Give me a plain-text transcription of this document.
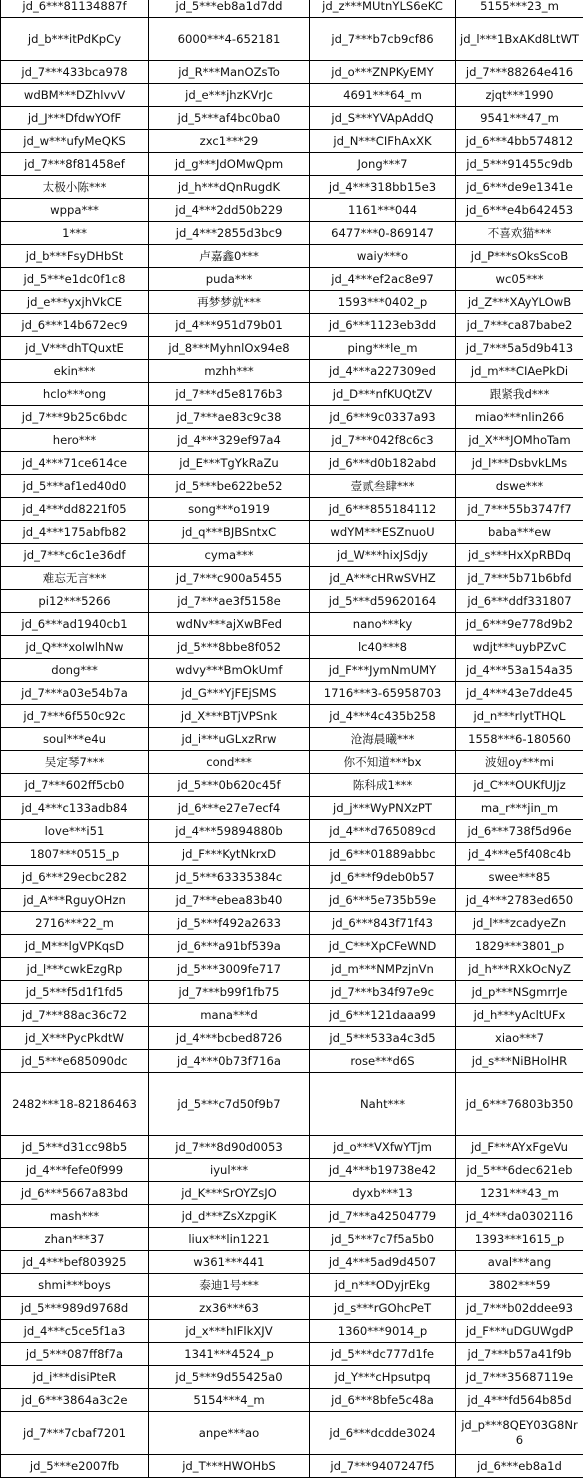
jd_6***81134887f	jd_5***eb8a1d7dd	jd_z***MUtnYLS6eKC	5155***23_m
jd_b***itPdKpCy	6000***4-652181	jd_7***b7cb9cf86	jd_l***1BxAKd8LtWT
jd_7***433bca978	jd_R***ManOZsTo	jd_o***ZNPKyEMY	jd_7***88264e416
wdBM***DZhlvvV	jd_e***jhzKVrJc	4691***64_m	zjqt***1990
jd_J***DfdwYOfF	jd_5***af4bc0ba0	jd_S***YVApAddQ	9541***47_m
jd_w***ufyMeQKS	zxc1***29	jd_N***CIFhAxXK	jd_6***4bb574812
jd_7***8f81458ef	jd_g***JdOMwQpm	Jong***7	jd_5***91455c9db
太极小陈***	jd_h***dQnRugdK	jd_4***318bb15e3	jd_6***de9e1341e
wppa***	jd_4***2dd50b229	1161***044	jd_6***e4b642453
1***	jd_4***2855d3bc9	6477***0-869147	不喜欢猫***
jd_b***FsyDHbSt	卢嘉鑫0***	waiy***o	jd_P***sOksScoB
jd_5***e1dc0f1c8	puda***	jd_4***ef2ac8e97	wc05***
jd_e***yxjhVkCE	再梦梦就***	1593***0402_p	jd_Z***XAyYLOwB
jd_6***14b672ec9	jd_4***951d79b01	jd_6***1123eb3dd	jd_7***ca87babe2
jd_V***dhTQuxtE	jd_8***MyhnlOx94e8	ping***le_m	jd_7***5a5d9b413
ekin***	mzhh***	jd_4***a227309ed	jd_m***CIAePkDi
hclo***ong	jd_7***d5e8176b3	jd_D***nfKUQtZV	跟紧我d***
jd_7***9b25c6bdc	jd_7***ae83c9c38	jd_6***9c0337a93	miao***nlin266
hero***	jd_4***329ef97a4	jd_7***042f8c6c3	jd_X***JOMhoTam
jd_4***71ce614ce	jd_E***TgYkRaZu	jd_6***d0b182abd	jd_l***DsbvkLMs
jd_5***af1ed40d0	jd_5***be622be52	壹贰叁肆***	dswe***
jd_4***dd8221f05	song***o1919	jd_6***855184112	jd_7***55b3747f7
jd_4***175abfb82	jd_q***BJBSntxC	wdYM***ESZnuoU	baba***ew
jd_7***c6c1e36df	cyma***	jd_W***hixJSdjy	jd_s***HxXpRBDq
难忘无言***	jd_7***c900a5455	jd_A***cHRwSVHZ	jd_7***5b71b6bfd
pi12***5266	jd_7***ae3f5158e	jd_5***d59620164	jd_6***ddf331807
jd_6***ad1940cb1	wdNv***ajXwBFed	nano***ky	jd_6***9e778d9b2
jd_Q***xolwlhNw	jd_5***8bbe8f052	lc40***8	wdjt***uybPZvC
dong***	wdvy***BmOkUmf	jd_F***JymNmUMY	jd_4***53a154a35
jd_7***a03e54b7a	jd_G***YjFEjSMS	1716***3-65958703	jd_4***43e7dde45
jd_7***6f550c92c	jd_X***BTjVPSnk	jd_4***4c435b258	jd_n***rlytTHQL
soul***e4u	jd_i***uGLxzRrw	沧海晨曦***	1558***6-180560
吴定琴7***	cond***	你不知道***bx	波妞oy***mi
jd_7***602ff5cb0	jd_5***0b620c45f	陈科成1***	jd_C***OUKfUJjz
jd_4***c133adb84	jd_6***e27e7ecf4	jd_j***WyPNXzPT	ma_r***jin_m
love***i51	jd_4***59894880b	jd_4***d765089cd	jd_6***738f5d96e
1807***0515_p	jd_F***KytNkrxD	jd_6***01889abbc	jd_4***e5f408c4b
jd_6***29ecbc282	jd_5***63335384c	jd_6***f9deb0b57	swee***85
jd_A***RguyOHzn	jd_7***ebea83b40	jd_6***5e735b59e	jd_4***2783ed650
2716***22_m	jd_5***f492a2633	jd_6***843f71f43	jd_l***zcadyeZn
jd_M***lgVPKqsD	jd_6***a91bf539a	jd_C***XpCFeWND	1829***3801_p
jd_l***cwkEzgRp	jd_5***3009fe717	jd_m***NMPzjnVn	jd_h***RXkOcNyZ
jd_5***f5d1f1fd5	jd_7***b99f1fb75	jd_7***b34f97e9c	jd_p***NSgmrrJe
jd_7***88ac36c72	mana***d	jd_6***121daaa99	jd_h***yAcltUFx
jd_X***PycPkdtW	jd_4***bcbed8726	jd_5***533a4c3d5	xiao***7
jd_5***e685090dc	jd_4***0b73f716a	rose***d6S	jd_s***NiBHolHR
2482***18-82186463	jd_5***c7d50f9b7	Naht***	jd_6***76803b350
jd_5***d31cc98b5	jd_7***8d90d0053	jd_o***VXfwYTjm	jd_F***AYxFgeVu
jd_4***fefe0f999	iyul***	jd_4***b19738e42	jd_5***6dec621eb
jd_6***5667a83bd	jd_K***SrOYZsJO	dyxb***13	1231***43_m
mash***	jd_d***ZsXzpgiK	jd_7***a42504779	jd_4***da0302116
zhan***37	liux***lin1221	jd_5***7c7f5a5b0	1393***1615_p
jd_4***bef803925	w361***441	jd_4***5ad9d4507	aval***ang
shmi***boys	泰迪1号***	jd_n***ODyjrEkg	3802***59
jd_5***989d9768d	zx36***63	jd_s***rGOhcPeT	jd_7***b02ddee93
jd_4***c5ce5f1a3	jd_x***hIFlkXJV	1360***9014_p	jd_F***uDGUWgdP
jd_5***087ff8f7a	1341***4524_p	jd_5***dc777d1fe	jd_7***b57a41f9b
jd_i***disiPteR	jd_5***9d55425a0	jd_Y***cHpsutpq	jd_7***35687119e
jd_6***3864a3c2e	5154***4_m	jd_6***8bfe5c48a	jd_4***fd564b85d
jd_7***7cbaf7201	anpe***ao	jd_6***dcdde3024	jd_p***8QEY03G8Nr6
jd_5***e2007fb	jd_T***HWOHbS	jd_7***9407247f5	jd_6***eb8a1d
